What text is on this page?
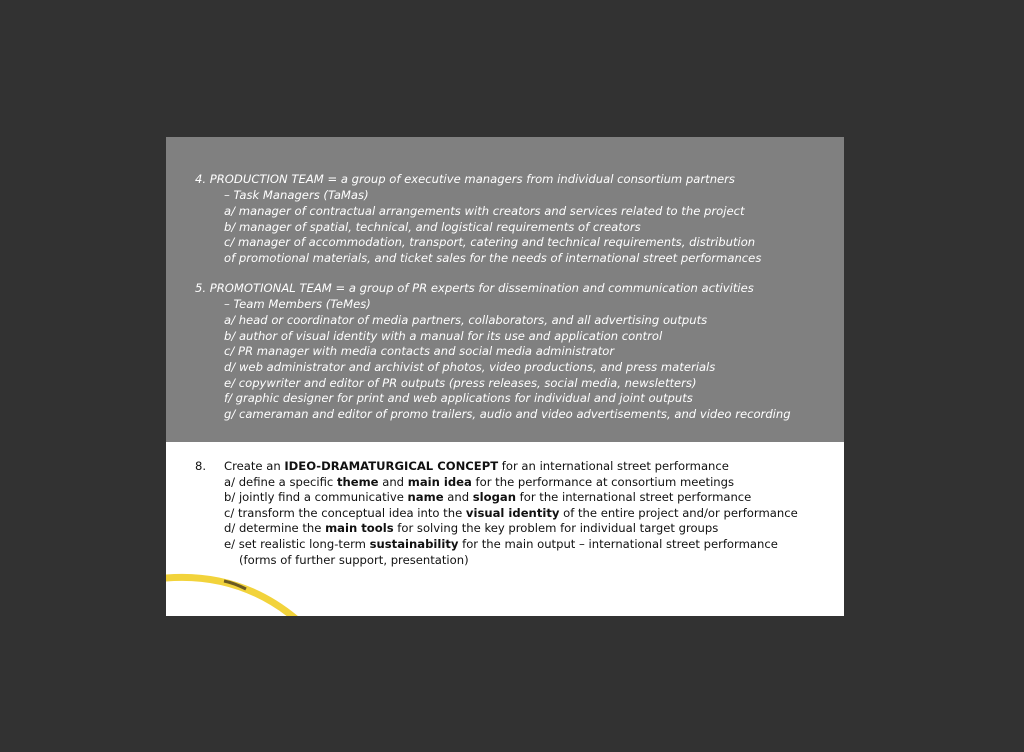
4. PRODUCTION TEAM = a group of executive managers from individual consortium partners
– Task Managers (TaMas)
a/ manager of contractual arrangements with creators and services related to the project
b/ manager of spatial, technical, and logistical requirements of creators
c/ manager of accommodation, transport, catering and technical requirements, distribution
of promotional materials, and ticket sales for the needs of international street performances
5. PROMOTIONAL TEAM = a group of PR experts for dissemination and communication activities
– Team Members (TeMes)
a/ head or coordinator of media partners, collaborators, and all advertising outputs
b/ author of visual identity with a manual for its use and application control
c/ PR manager with media contacts and social media administrator
d/ web administrator and archivist of photos, video productions, and press materials
e/ copywriter and editor of PR outputs (press releases, social media, newsletters)
f/ graphic designer for print and web applications for individual and joint outputs
g/ cameraman and editor of promo trailers, audio and video advertisements, and video recording
8. Create an IDEO-DRAMATURGICAL CONCEPT for an international street performance
a/ define a specific theme and main idea for the performance at consortium meetings
b/ jointly find a communicative name and slogan for the international street performance
c/ transform the conceptual idea into the visual identity of the entire project and/or performance
d/ determine the main tools for solving the key problem for individual target groups
e/ set realistic long-term sustainability for the main output – international street performance
(forms of further support, presentation)
